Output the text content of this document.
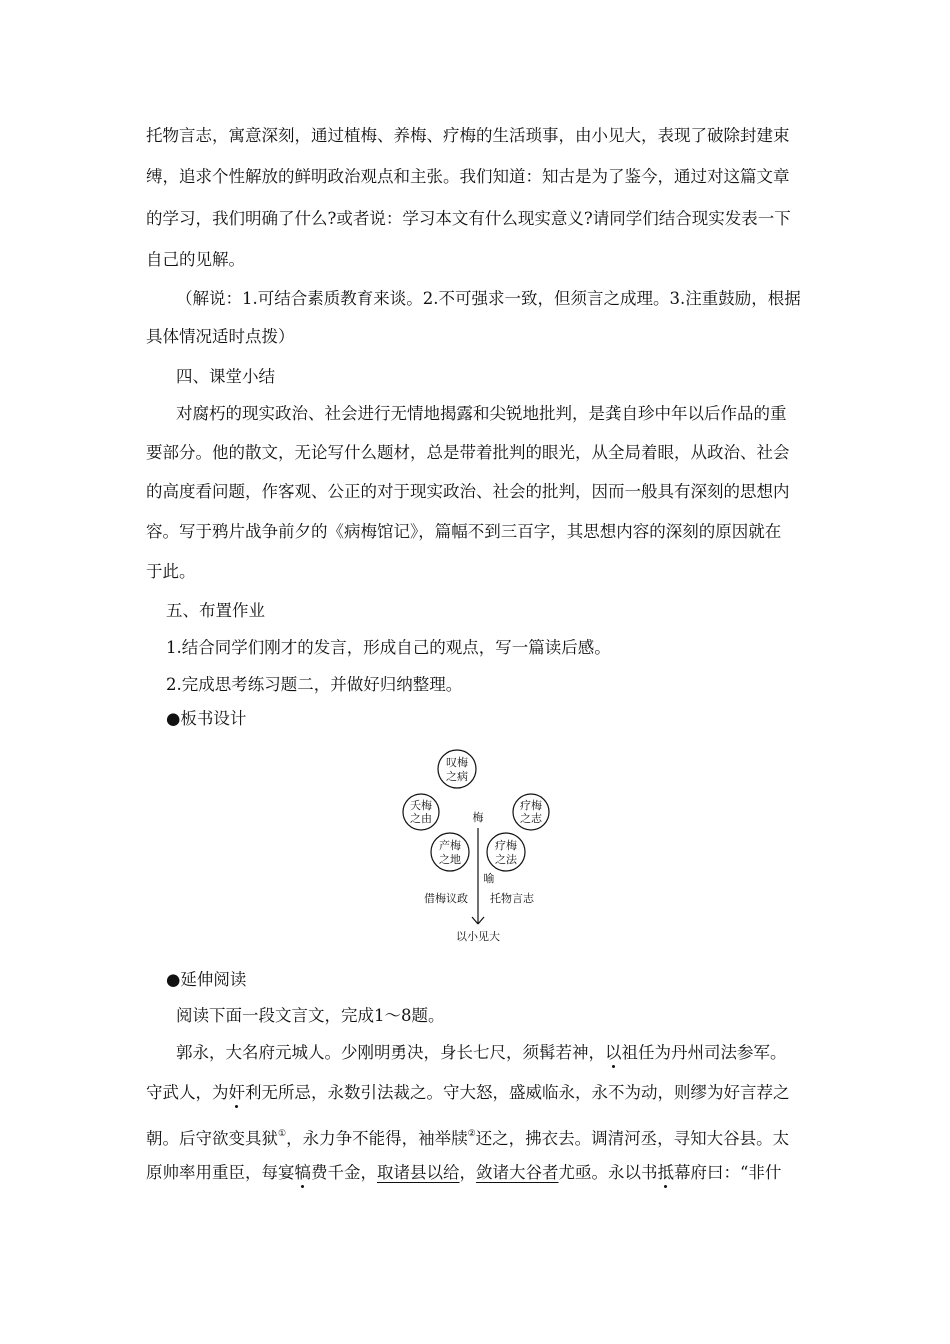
托物言志，寓意深刻，通过植梅、养梅、疗梅的生活琐事，由小见大，表现了破除封建束
缚，追求个性解放的鲜明政治观点和主张。我们知道：知古是为了鉴今，通过对这篇文章
的学习，我们明确了什么?或者说：学习本文有什么现实意义?请同学们结合现实发表一下
自己的见解。
（解说：1.可结合素质教育来谈。2.不可强求一致，但须言之成理。3.注重鼓励，根据
具体情况适时点拨）
四、课堂小结
对腐朽的现实政治、社会进行无情地揭露和尖锐地批判，是龚自珍中年以后作品的重
要部分。他的散文，无论写什么题材，总是带着批判的眼光，从全局着眼，从政治、社会
的高度看问题，作客观、公正的对于现实政治、社会的批判，因而一般具有深刻的思想内
容。写于鸦片战争前夕的《病梅馆记》，篇幅不到三百字，其思想内容的深刻的原因就在
于此。
五、布置作业
1.结合同学们刚才的发言，形成自己的观点，写一篇读后感。
2.完成思考练习题二，并做好归纳整理。
●板书设计
叹梅
之病
夭梅
之由
疗梅
之志
产梅
之地
疗梅
之法
梅
喻
借梅议政 托物言志
以小见大
●延伸阅读
阅读下面一段文言文，完成1～8题。
郭永，大名府元城人。少刚明勇决，身长七尺，须髯若神，以祖任为丹州司法参军。
守武人，为奸利无所忌，永数引法裁之。守大怒，盛威临永，永不为动，则缪为好言荐之
朝。后守欲变具狱①，永力争不能得，袖举牍②还之，拂衣去。调清河丞，寻知大谷县。太
原帅率用重臣，每宴犒费千金，取诸县以给，敛诸大谷者尤亟。永以书抵幕府曰：“非什
